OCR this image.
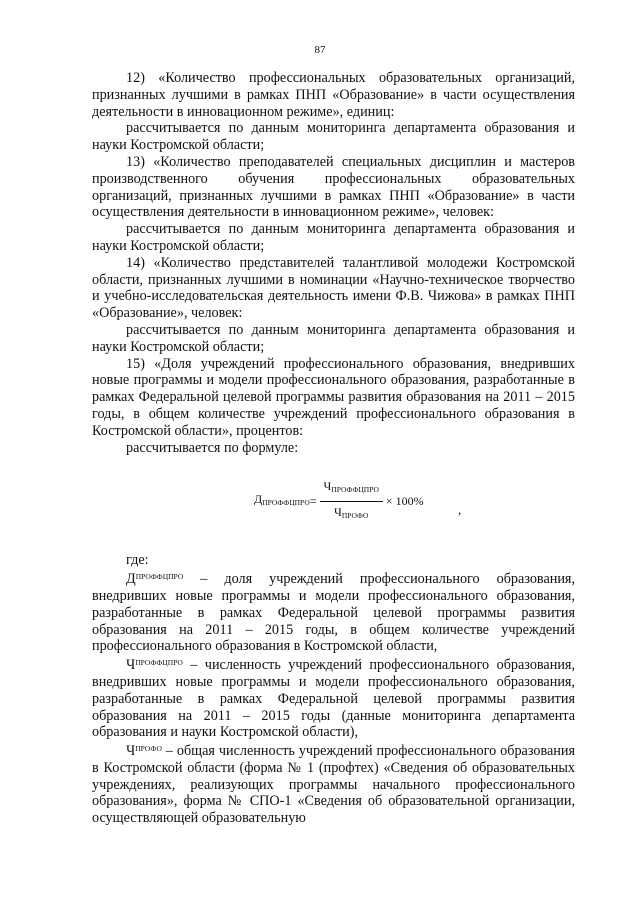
87

12) «Количество профессиональных образовательных организаций, признанных лучшими в рамках ПНП «Образование» в части осуществления деятельности в инновационном режиме», единиц:

рассчитывается по данным мониторинга департамента образования и науки Костромской области;

13) «Количество преподавателей специальных дисциплин и мастеров производственного обучения профессиональных образовательных организаций, признанных лучшими в рамках ПНП «Образование» в части осуществления деятельности в инновационном режиме», человек:

рассчитывается по данным мониторинга департамента образования и науки Костромской области;

14) «Количество представителей талантливой молодежи Костромской области, признанных лучшими в номинации «Научно-техническое творчество и учебно-исследовательская деятельность имени Ф.В. Чижова» в рамках ПНП «Образование», человек:

рассчитывается по данным мониторинга департамента образования и науки Костромской области;

15) «Доля учреждений профессионального образования, внедривших новые программы и модели профессионального образования, разработанные в рамках Федеральной целевой программы развития образования на 2011 – 2015 годы, в общем количестве учреждений профессионального образования в Костромской области», процентов:

рассчитывается по формуле:

$Д_{ПРОФФЦПРО} = \frac{Ч_{ПРОФФЦПРО}}{Ч_{ПРОФО}} \times 100\%$
,

где:

$Д^{ПРОФФЦПРО}$ – доля учреждений профессионального образования, внедривших новые программы и модели профессионального образования, разработанные в рамках Федеральной целевой программы развития образования на 2011 – 2015 годы, в общем количестве учреждений профессионального образования в Костромской области,

$Ч^{ПРОФФЦПРО}$ – численность учреждений профессионального образования, внедривших новые программы и модели профессионального образования, разработанные в рамках Федеральной целевой программы развития образования на 2011 – 2015 годы (данные мониторинга департамента образования и науки Костромской области),

$Ч^{ПРОФО}$ – общая численность учреждений профессионального образования в Костромской области (форма № 1 (профтех) «Сведения об образовательных учреждениях, реализующих программы начального профессионального образования», форма № СПО-1 «Сведения об образовательной организации, осуществляющей образовательную
